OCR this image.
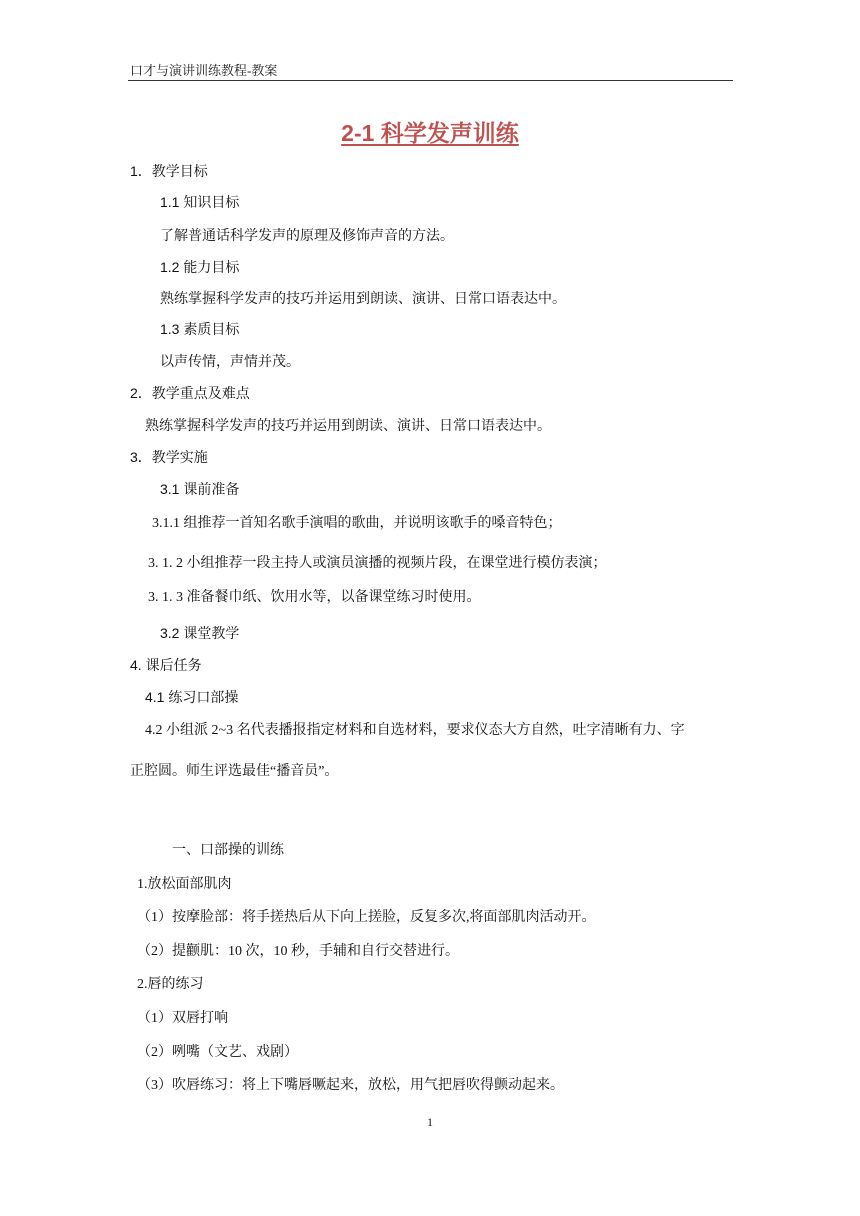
口才与演讲训练教程-教案
2-1 科学发声训练
1．教学目标
1.1 知识目标
了解普通话科学发声的原理及修饰声音的方法。
1.2 能力目标
熟练掌握科学发声的技巧并运用到朗读、演讲、日常口语表达中。
1.3 素质目标
以声传情，声情并茂。
2．教学重点及难点
熟练掌握科学发声的技巧并运用到朗读、演讲、日常口语表达中。
3．教学实施
3.1 课前准备
3.1.1 组推荐一首知名歌手演唱的歌曲，并说明该歌手的嗓音特色；
3. 1. 2 小组推荐一段主持人或演员演播的视频片段，在课堂进行模仿表演；
3. 1. 3 准备餐巾纸、饮用水等，以备课堂练习时使用。
3.2 课堂教学
4. 课后任务
4.1 练习口部操
4.2 小组派 2~3 名代表播报指定材料和自选材料，要求仪态大方自然，吐字清晰有力、字
正腔圆。师生评选最佳“播音员”。
一、口部操的训练
1.放松面部肌肉
（1）按摩脸部：将手搓热后从下向上搓脸，反复多次,将面部肌肉活动开。
（2）提颧肌：10 次，10 秒，手辅和自行交替进行。
2.唇的练习
（1）双唇打响
（2）咧嘴（文艺、戏剧）
（3）吹唇练习：将上下嘴唇噘起来，放松，用气把唇吹得颤动起来。
1
